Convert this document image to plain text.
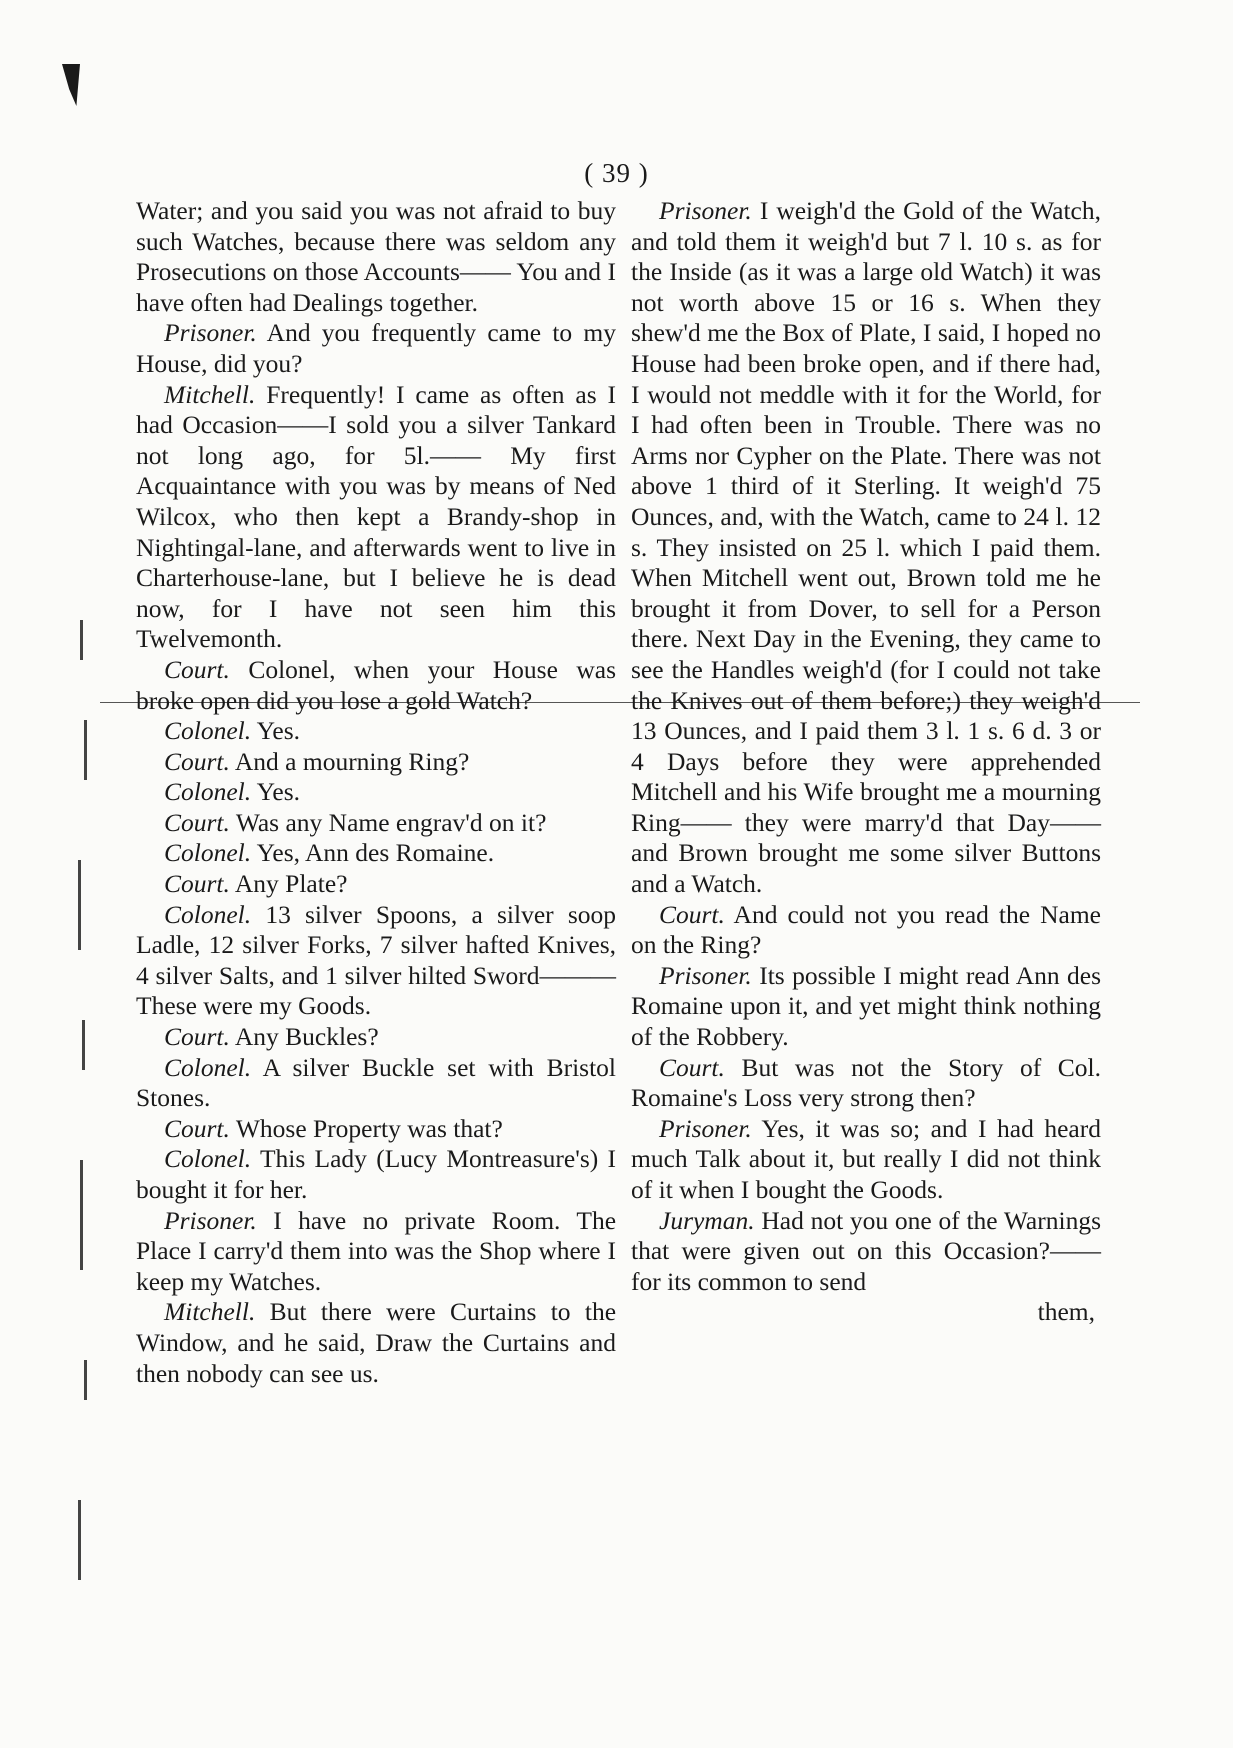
( 39 )

Water; and you said you was not afraid to buy such Watches, because there was seldom any Prosecutions on those Accounts—— You and I have often had Dealings together.

Prisoner. And you frequently came to my House, did you?

Mitchell. Frequently! I came as often as I had Occasion——I sold you a silver Tankard not long ago, for 5l.—— My first Acquaintance with you was by means of Ned Wilcox, who then kept a Brandy-shop in Nightingal-lane, and afterwards went to live in Charterhouse-lane, but I believe he is dead now, for I have not seen him this Twelvemonth.

Court. Colonel, when your House was broke open did you lose a gold Watch?

Colonel. Yes.

Court. And a mourning Ring?

Colonel. Yes.

Court. Was any Name engrav'd on it?

Colonel. Yes, Ann des Romaine.

Court. Any Plate?

Colonel. 13 silver Spoons, a silver soop Ladle, 12 silver Forks, 7 silver hafted Knives, 4 silver Salts, and 1 silver hilted Sword——— These were my Goods.

Court. Any Buckles?

Colonel. A silver Buckle set with Bristol Stones.

Court. Whose Property was that?

Colonel. This Lady (Lucy Montreasure's) I bought it for her.

Prisoner. I have no private Room. The Place I carry'd them into was the Shop where I keep my Watches.

Mitchell. But there were Curtains to the Window, and he said, Draw the Curtains and then nobody can see us.

Prisoner. I weigh'd the Gold of the Watch, and told them it weigh'd but 7 l. 10 s. as for the Inside (as it was a large old Watch) it was not worth above 15 or 16 s. When they shew'd me the Box of Plate, I said, I hoped no House had been broke open, and if there had, I would not meddle with it for the World, for I had often been in Trouble. There was no Arms nor Cypher on the Plate. There was not above 1 third of it Sterling. It weigh'd 75 Ounces, and, with the Watch, came to 24 l. 12 s. They insisted on 25 l. which I paid them. When Mitchell went out, Brown told me he brought it from Dover, to sell for a Person there. Next Day in the Evening, they came to see the Handles weigh'd (for I could not take the Knives out of them before;) they weigh'd 13 Ounces, and I paid them 3 l. 1 s. 6 d. 3 or 4 Days before they were apprehended Mitchell and his Wife brought me a mourning Ring—— they were marry'd that Day—— and Brown brought me some silver Buttons and a Watch.

Court. And could not you read the Name on the Ring?

Prisoner. Its possible I might read Ann des Romaine upon it, and yet might think nothing of the Robbery.

Court. But was not the Story of Col. Romaine's Loss very strong then?

Prisoner. Yes, it was so; and I had heard much Talk about it, but really I did not think of it when I bought the Goods.

Juryman. Had not you one of the Warnings that were given out on this Occasion?—— for its common to send

them,
